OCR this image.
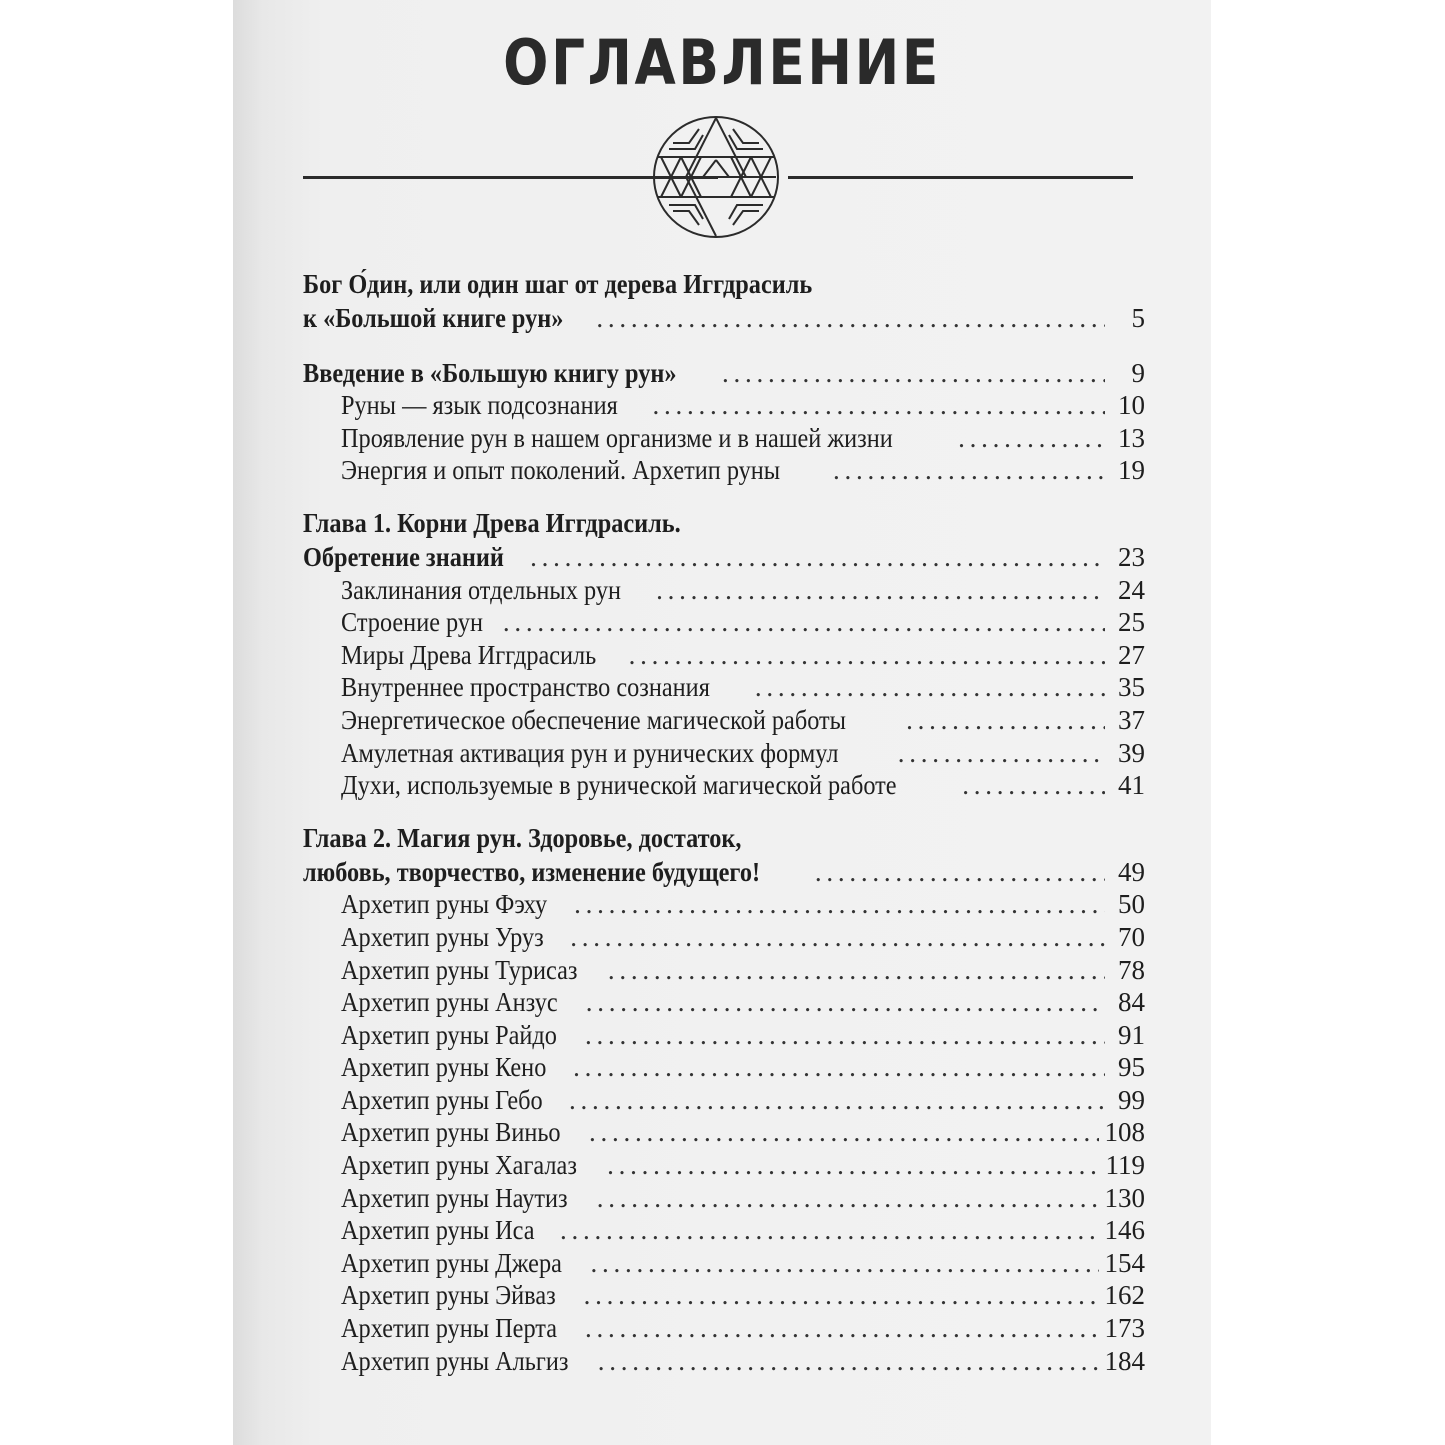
ОГЛАВЛЕНИЕ
Бог О́дин, или один шаг от дерева Иггдрасиль
к «Большой книге рун» . . .	5
Введение в «Большую книгу рун» . . .	9
Руны — язык подсознания . . .	10
Проявление рун в нашем организме и в нашей жизни . . .	13
Энергия и опыт поколений. Архетип руны . . .	19
Глава 1. Корни Древа Иггдрасиль.
Обретение знаний . . .	23
Заклинания отдельных рун . . .	24
Строение рун . . .	25
Миры Древа Иггдрасиль . . .	27
Внутреннее пространство сознания . . .	35
Энергетическое обеспечение магической работы . . .	37
Амулетная активация рун и рунических формул . . .	39
Духи, используемые в рунической магической работе . . .	41
Глава 2. Магия рун. Здоровье, достаток,
любовь, творчество, изменение будущего! . . .	49
Архетип руны Фэху . . .	50
Архетип руны Уруз . . .	70
Архетип руны Турисаз . . .	78
Архетип руны Анзус . . .	84
Архетип руны Райдо . . .	91
Архетип руны Кено . . .	95
Архетип руны Гебо . . .	99
Архетип руны Виньо . . .	108
Архетип руны Хагалаз . . .	119
Архетип руны Наутиз . . .	130
Архетип руны Иса . . .	146
Архетип руны Джера . . .	154
Архетип руны Эйваз . . .	162
Архетип руны Перта . . .	173
Архетип руны Альгиз . . .	184
